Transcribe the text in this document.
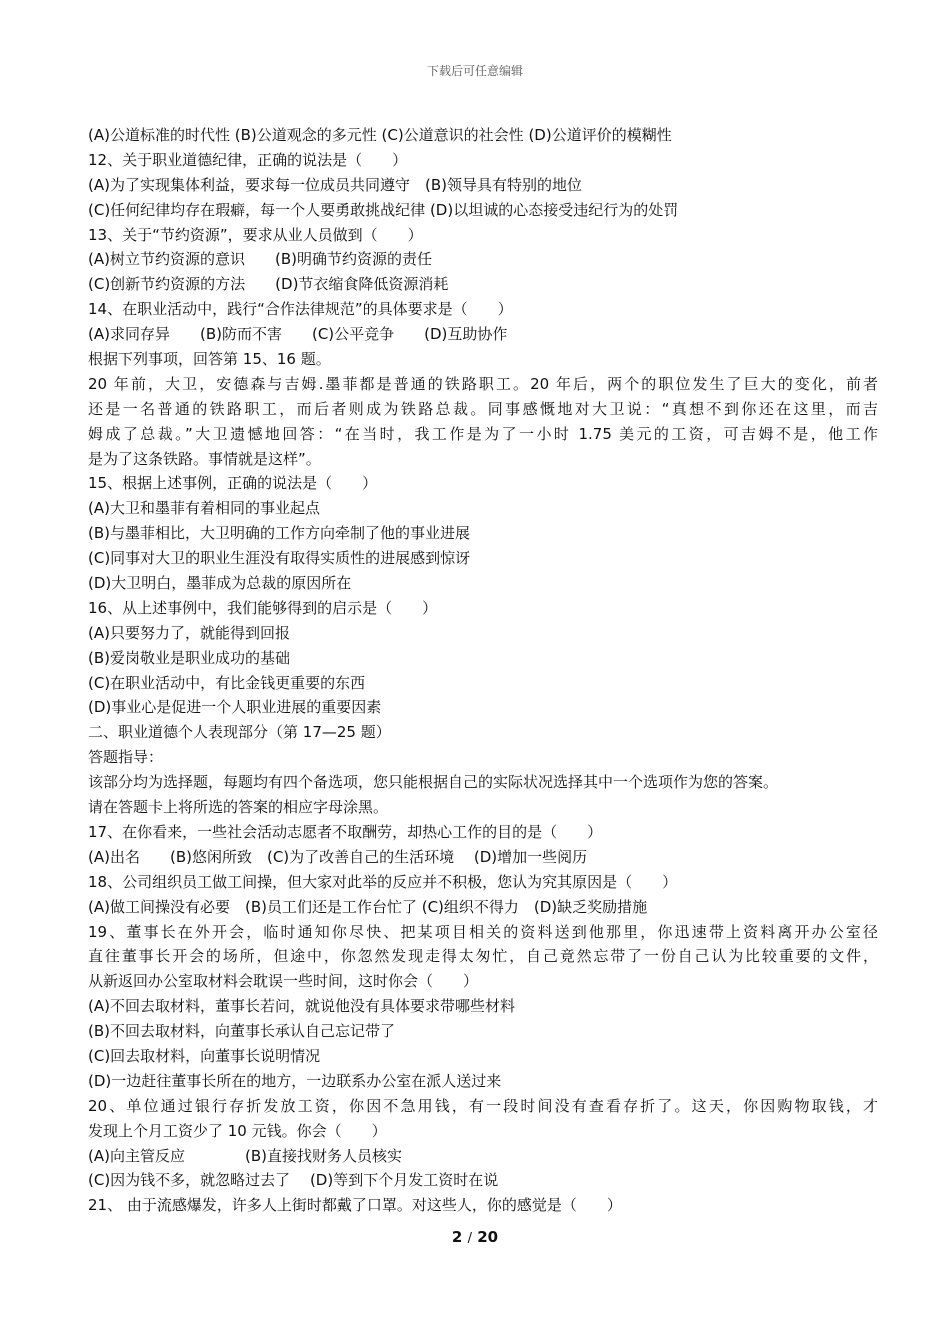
下载后可任意编辑
(A)公道标准的时代性 (B)公道观念的多元性 (C)公道意识的社会性 (D)公道评价的模糊性
12、关于职业道德纪律，正确的说法是（　　）
(A)为了实现集体利益，要求每一位成员共同遵守　(B)领导具有特别的地位
(C)任何纪律均存在瑕癖，每一个人要勇敢挑战纪律 (D)以坦诚的心态接受违纪行为的处罚
13、关于“节约资源”，要求从业人员做到（　　）
(A)树立节约资源的意识　　(B)明确节约资源的责任
(C)创新节约资源的方法　　(D)节衣缩食降低资源消耗
14、在职业活动中，践行“合作法律规范”的具体要求是（　　）
(A)求同存异　　(B)防而不害　　(C)公平竞争　　(D)互助协作
根据下列事项，回答第 15、16 题。
20 年前，大卫，安德森与吉姆.墨菲都是普通的铁路职工。20 年后，两个的职位发生了巨大的变化，前者
还是一名普通的铁路职工，而后者则成为铁路总裁。同事感慨地对大卫说：“真想不到你还在这里，而吉
姆成了总裁。”大卫遗憾地回答：“在当时，我工作是为了一小时 1.75 美元的工资，可吉姆不是，他工作
是为了这条铁路。事情就是这样”。
15、根据上述事例，正确的说法是（　　）
(A)大卫和墨菲有着相同的事业起点
(B)与墨菲相比，大卫明确的工作方向牵制了他的事业进展
(C)同事对大卫的职业生涯没有取得实质性的进展感到惊讶
(D)大卫明白，墨菲成为总裁的原因所在
16、从上述事例中，我们能够得到的启示是（　　）
(A)只要努力了，就能得到回报
(B)爱岗敬业是职业成功的基础
(C)在职业活动中，有比金钱更重要的东西
(D)事业心是促进一个人职业进展的重要因素
二、职业道德个人表现部分（第 17—25 题）
答题指导：
该部分均为选择题，每题均有四个备选项，您只能根据自己的实际状况选择其中一个选项作为您的答案。
请在答题卡上将所选的答案的相应字母涂黑。
17、在你看来，一些社会活动志愿者不取酬劳，却热心工作的目的是（　　）
(A)出名　　(B)悠闲所致　(C)为了改善自己的生活环境　 (D)增加一些阅历
18、公司组织员工做工间操，但大家对此举的反应并不积极，您认为究其原因是（　　）
(A)做工间操没有必要　(B)员工们还是工作台忙了 (C)组织不得力　(D)缺乏奖励措施
19、董事长在外开会，临时通知你尽快、把某项目相关的资料送到他那里，你迅速带上资料离开办公室径
直往董事长开会的场所，但途中，你忽然发现走得太匆忙，自己竟然忘带了一份自己认为比较重要的文件，
从新返回办公室取材料会耽误一些时间，这时你会（　　）
(A)不回去取材料，董事长若问，就说他没有具体要求带哪些材料
(B)不回去取材料，向董事长承认自己忘记带了
(C)回去取材料，向董事长说明情况
(D)一边赶往董事长所在的地方，一边联系办公室在派人送过来
20、单位通过银行存折发放工资，你因不急用钱，有一段时间没有查看存折了。这天，你因购物取钱，才
发现上个月工资少了 10 元钱。你会（　　）
(A)向主管反应　　　　(B)直接找财务人员核实
(C)因为钱不多，就忽略过去了　 (D)等到下个月发工资时在说
21、 由于流感爆发，许多人上街时都戴了口罩。对这些人，你的感觉是（　　）
2 / 20
